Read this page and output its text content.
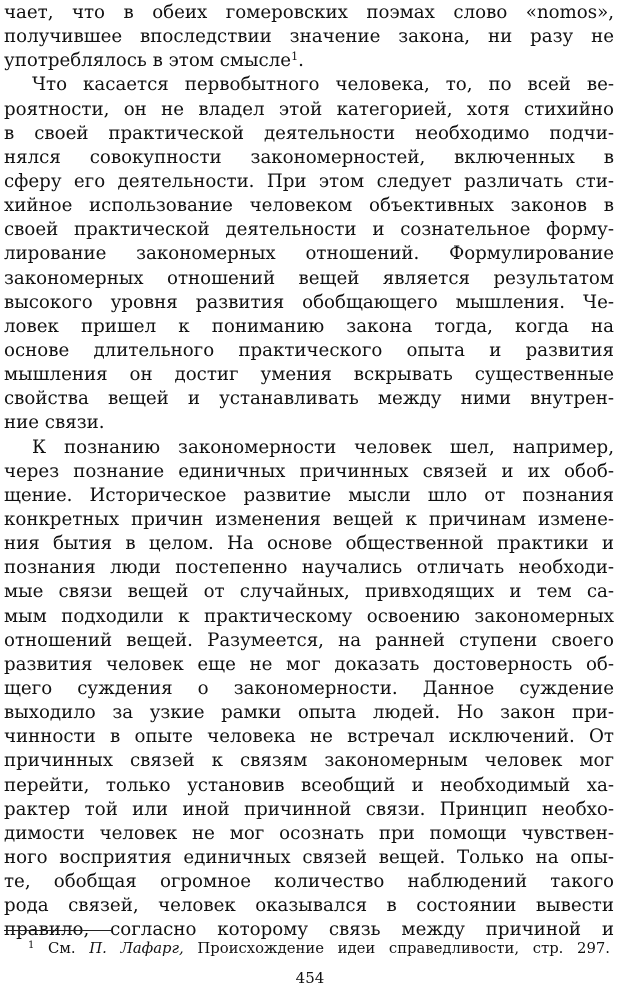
чает, что в обеих гомеровских поэмах слово «nomos»,
получившее впоследствии значение закона, ни разу не
употреблялось в этом смысле$^1$.
Что касается первобытного человека, то, по всей ве-
роятности, он не владел этой категорией, хотя стихийно
в своей практической деятельности необходимо подчи-
нялся совокупности закономерностей, включенных в
сферу его деятельности. При этом следует различать сти-
хийное использование человеком объективных законов в
своей практической деятельности и сознательное форму-
лирование закономерных отношений. Формулирование
закономерных отношений вещей является результатом
высокого уровня развития обобщающего мышления. Че-
ловек пришел к пониманию закона тогда, когда на
основе длительного практического опыта и развития
мышления он достиг умения вскрывать существенные
свойства вещей и устанавливать между ними внутрен-
ние связи.
К познанию закономерности человек шел, например,
через познание единичных причинных связей и их обоб-
щение. Историческое развитие мысли шло от познания
конкретных причин изменения вещей к причинам измене-
ния бытия в целом. На основе общественной практики и
познания люди постепенно научались отличать необходи-
мые связи вещей от случайных, привходящих и тем са-
мым подходили к практическому освоению закономерных
отношений вещей. Разумеется, на ранней ступени своего
развития человек еще не мог доказать достоверность об-
щего суждения о закономерности. Данное суждение
выходило за узкие рамки опыта людей. Но закон при-
чинности в опыте человека не встречал исключений. От
причинных связей к связям закономерным человек мог
перейти, только установив всеобщий и необходимый ха-
рактер той или иной причинной связи. Принцип необхо-
димости человек не мог осознать при помощи чувствен-
ного восприятия единичных связей вещей. Только на опы-
те, обобщая огромное количество наблюдений такого
рода связей, человек оказывался в состоянии вывести
правило, согласно которому связь между причиной и
$^1$ См. П. Лафарг, Происхождение идеи справедливости, стр. 297.
454
